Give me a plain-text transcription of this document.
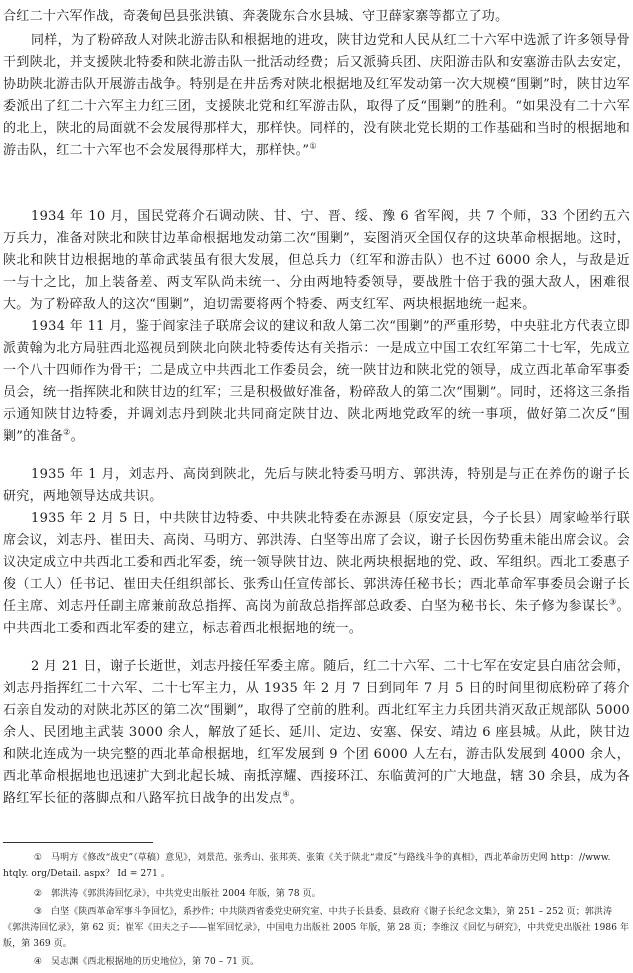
合红二十六军作战，奇袭甸邑县张洪镇、奔袭陇东合水县城、守卫薛家寨等都立了功。

同样，为了粉碎敌人对陕北游击队和根据地的进攻，陕甘边党和人民从红二十六军中选派了许多领导骨干到陕北，并支援陕北特委和陕北游击队一批活动经费；后又派骑兵团、庆阳游击队和安塞游击队去安定，协助陕北游击队开展游击战争。特别是在井岳秀对陕北根据地及红军发动第一次大规模“围剿”时，陕甘边军委派出了红二十六军主力红三团，支援陕北党和红军游击队，取得了反“围剿”的胜利。“如果没有二十六军的北上，陕北的局面就不会发展得那样大，那样快。同样的，没有陕北党长期的工作基础和当时的根据地和游击队，红二十六军也不会发展得那样大，那样快。”①

1934 年 10 月，国民党蒋介石调动陕、甘、宁、晋、绥、豫 6 省军阀，共 7 个师，33 个团约五六万兵力，准备对陕北和陕甘边革命根据地发动第二次“围剿”，妄图消灭全国仅存的这块革命根据地。这时，陕北和陕甘边根据地的革命武装虽有很大发展，但总兵力（红军和游击队）也不过 6000 余人，与敌是近一与十之比，加上装备差、两支军队尚未统一、分由两地特委领导，要战胜十倍于我的强大敌人，困难很大。为了粉碎敌人的这次“围剿”，迫切需要将两个特委、两支红军、两块根据地统一起来。

1934 年 11 月，鉴于阎家洼子联席会议的建议和敌人第二次“围剿”的严重形势，中央驻北方代表立即派黄翰为北方局驻西北巡视员到陕北向陕北特委传达有关指示：一是成立中国工农红军第二十七军，先成立一个八十四师作为骨干；二是成立中共西北工作委员会，统一陕甘边和陕北党的领导，成立西北革命军事委员会，统一指挥陕北和陕甘边的红军；三是积极做好准备，粉碎敌人的第二次“围剿”。同时，还将这三条指示通知陕甘边特委，并调刘志丹到陕北共同商定陕甘边、陕北两地党政军的统一事项，做好第二次反“围剿”的准备②。

1935 年 1 月，刘志丹、高岗到陕北，先后与陕北特委马明方、郭洪涛，特别是与正在养伤的谢子长研究，两地领导达成共识。

1935 年 2 月 5 日，中共陕甘边特委、中共陕北特委在赤源县（原安定县，今子长县）周家崄举行联席会议，刘志丹、崔田夫、高岗、马明方、郭洪涛、白坚等出席了会议，谢子长因伤势重未能出席会议。会议决定成立中共西北工委和西北军委，统一领导陕甘边、陕北两块根据地的党、政、军组织。西北工委惠子俊（工人）任书记、崔田夫任组织部长、张秀山任宣传部长、郭洪涛任秘书长；西北革命军事委员会谢子长任主席、刘志丹任副主席兼前敌总指挥、高岗为前敌总指挥部总政委、白坚为秘书长、朱子修为参谋长③。中共西北工委和西北军委的建立，标志着西北根据地的统一。

2 月 21 日，谢子长逝世，刘志丹接任军委主席。随后，红二十六军、二十七军在安定县白庙岔会师，刘志丹指挥红二十六军、二十七军主力，从 1935 年 2 月 7 日到同年 7 月 5 日的时间里彻底粉碎了蒋介石亲自发动的对陕北苏区的第二次“围剿”，取得了空前的胜利。西北红军主力兵团共消灭敌正规部队 5000 余人、民团地主武装 3000 余人，解放了延长、延川、定边、安塞、保安、靖边 6 座县城。从此，陕甘边和陕北连成为一块完整的西北革命根据地，红军发展到 9 个团 6000 人左右，游击队发展到 4000 余人，西北革命根据地也迅速扩大到北起长城、南抵淳耀、西接环江、东临黄河的广大地盘，辖 30 余县，成为各路红军长征的落脚点和八路军抗日战争的出发点④。

① 马明方《修改“战史”（草稿）意见》，刘景范、张秀山、张邦英、张策《关于陕北“肃反”与路线斗争的真相》，西北革命历史网 http：//www. htqly. org/Detail. aspx？ Id = 271 。

② 郭洪涛《郭洪涛回忆录》，中共党史出版社 2004 年版，第 78 页。

③ 白坚《陕西革命军事斗争回忆》，系抄件；中共陕西省委党史研究室、中共子长县委、县政府《谢子长纪念文集》，第 251 – 252 页；郭洪涛《郭洪涛回忆录》，第 62 页；崔军《田夫之子——崔军回忆录》，中国电力出版社 2005 年版，第 28 页；李维汉《回忆与研究》，中共党史出版社 1986 年版，第 369 页。

④ 吴志渊《西北根据地的历史地位》，第 70 – 71 页。
